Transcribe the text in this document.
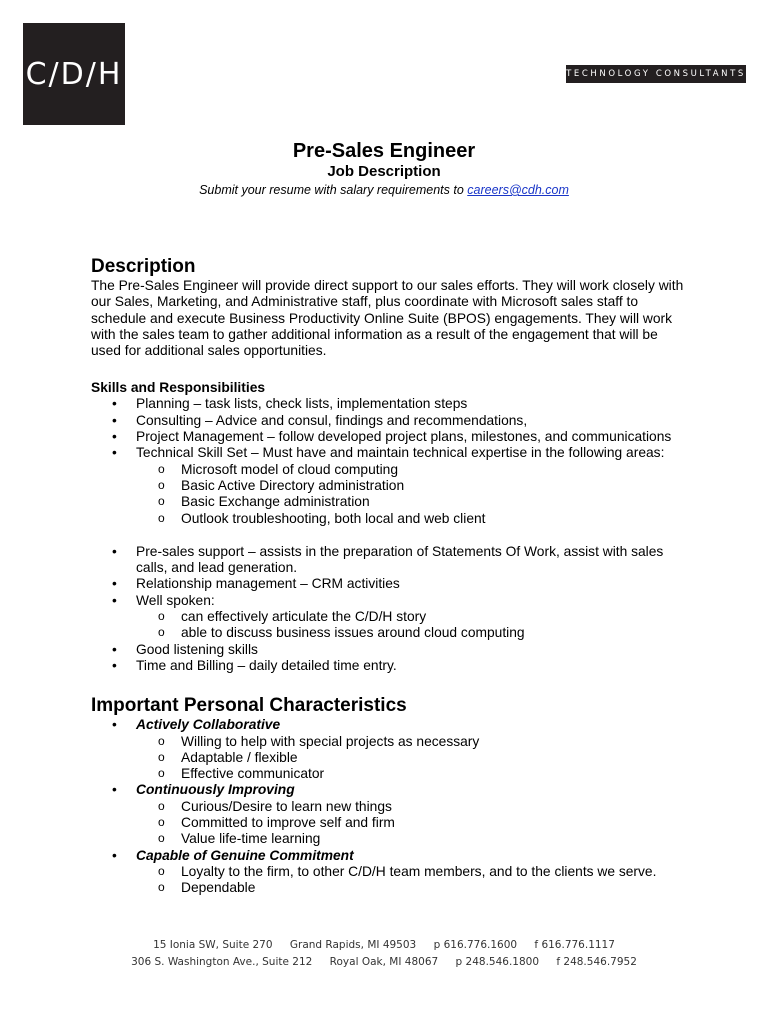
C/D/H	TECHNOLOGY CONSULTANTS
Pre-Sales Engineer
Job Description
Submit your resume with salary requirements to careers@cdh.com
Description

The Pre-Sales Engineer will provide direct support to our sales efforts. They will work closely with our Sales, Marketing, and Administrative staff, plus coordinate with Microsoft sales staff to schedule and execute Business Productivity Online Suite (BPOS) engagements. They will work with the sales team to gather additional information as a result of the engagement that will be used for additional sales opportunities.

Skills and Responsibilities
• Planning – task lists, check lists, implementation steps
• Consulting – Advice and consul, findings and recommendations,
• Project Management – follow developed project plans, milestones, and communications
• Technical Skill Set – Must have and maintain technical expertise in the following areas:
o Microsoft model of cloud computing
o Basic Active Directory administration
o Basic Exchange administration
o Outlook troubleshooting, both local and web client
• Pre-sales support – assists in the preparation of Statements Of Work, assist with sales calls, and lead generation.
• Relationship management – CRM activities
• Well spoken:
o can effectively articulate the C/D/H story
o able to discuss business issues around cloud computing
• Good listening skills
• Time and Billing – daily detailed time entry.
Important Personal Characteristics
• Actively Collaborative
o Willing to help with special projects as necessary
o Adaptable / flexible
o Effective communicator
• Continuously Improving
o Curious/Desire to learn new things
o Committed to improve self and firm
o Value life-time learning
• Capable of Genuine Commitment
o Loyalty to the firm, to other C/D/H team members, and to the clients we serve.
o Dependable
15 Ionia SW, Suite 270 Grand Rapids, MI 49503 p 616.776.1600 f 616.776.1117
306 S. Washington Ave., Suite 212 Royal Oak, MI 48067 p 248.546.1800 f 248.546.7952
